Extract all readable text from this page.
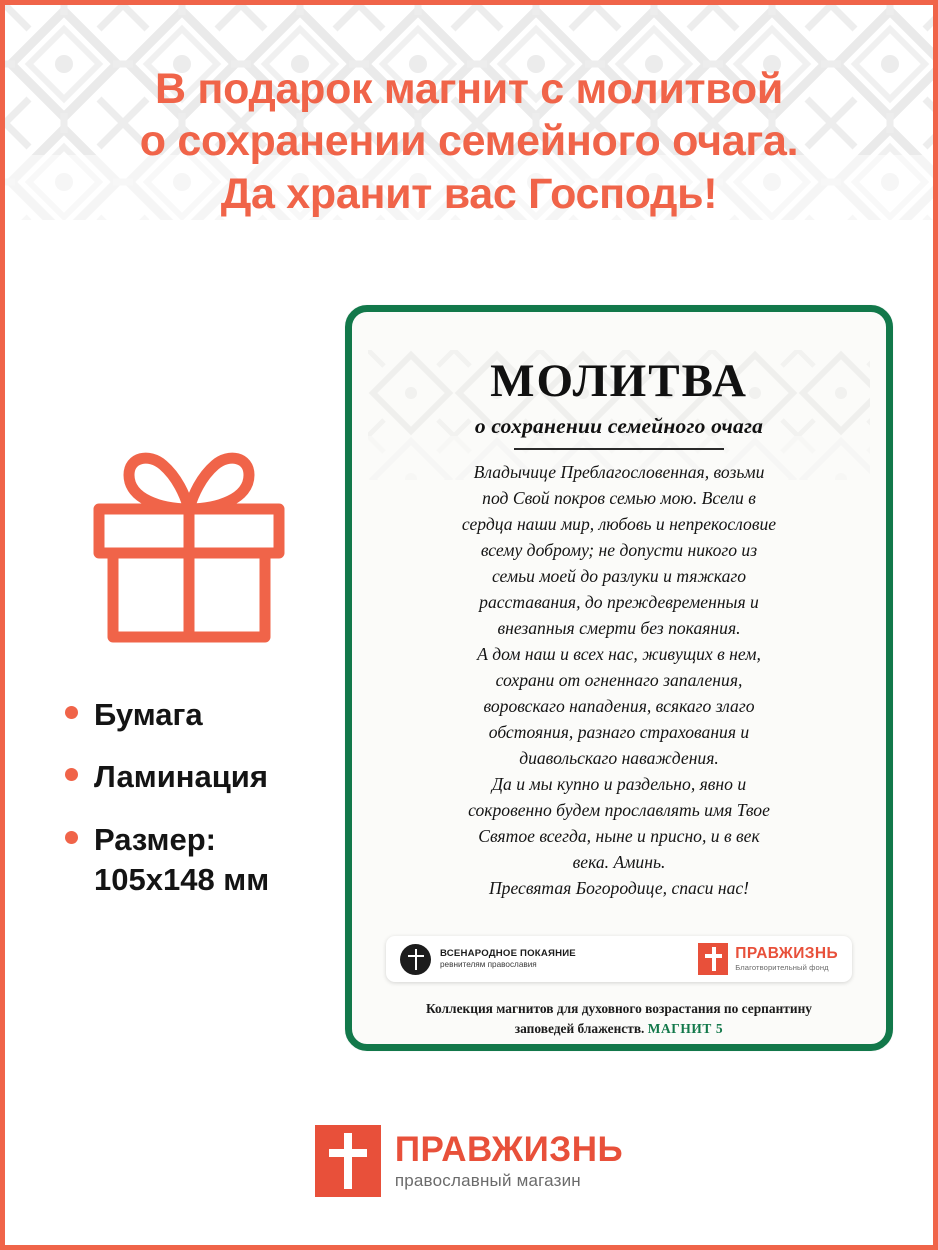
В подарок магнит с молитвой
о сохранении семейного очага.
Да хранит вас Господь!
Бумага
Ламинация
Размер:
105х148 мм
МОЛИТВА
о сохранении семейного очага

Владычице Преблагословенная, возьми

под Свой покров семью мою. Всели в

сердца наши мир, любовь и непрекословие

всему доброму; не допусти никого из

семьи моей до разлуки и тяжкаго

расставания, до преждевременныя и

внезапныя смерти без покаяния.

А дом наш и всех нас, живущих в нем,

сохрани от огненнаго запаления,

воровскаго нападения, всякаго злаго

обстояния, разнаго страхования и

диавольскаго наваждения.

Да и мы купно и раздельно, явно и

сокровенно будем прославлять имя Твое

Святое всегда, ныне и присно, и в век

века. Аминь.

Пресвятая Богородице, спаси нас!

ВСЕНАРОДНОЕ ПОКАЯНИЕ
ревнителям православия
ПРАВЖИЗНЬ
Благотворительный фонд
Коллекция магнитов для духовного возрастания по серпантину
заповедей блаженств. МАГНИТ 5
ПРАВЖИЗНЬ
православный магазин
